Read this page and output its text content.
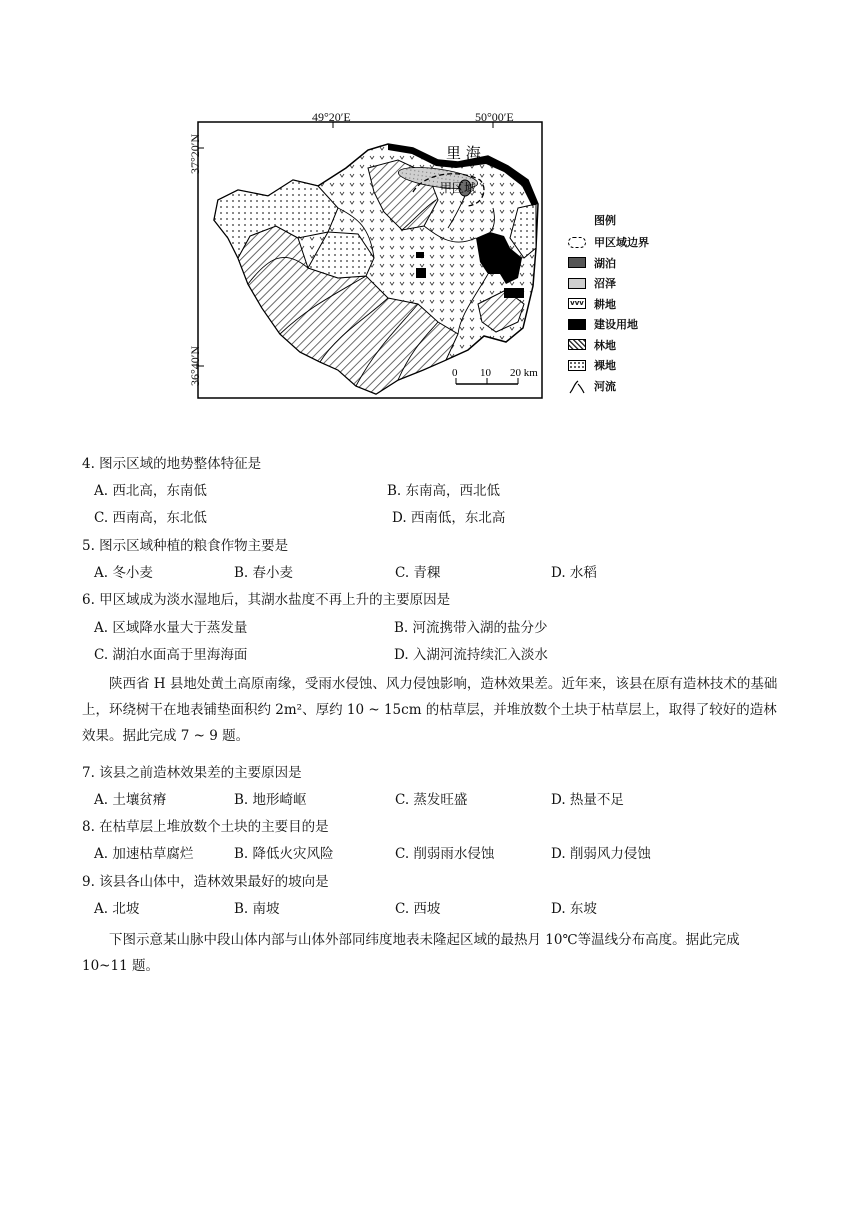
里 海
甲区域
0 10 20 km
49°20′E	50°00′E
37°20′N
36°40′N
图例
甲区域边界
湖泊
沼泽
vvv 耕地
建设用地
林地
裸地
河流
4. 图示区域的地势整体特征是
A. 西北高，东南低	B. 东南高，西北低
C. 西南高，东北低	D. 西南低，东北高
5. 图示区域种植的粮食作物主要是
A. 冬小麦	B. 春小麦	C. 青稞	D. 水稻
6. 甲区域成为淡水湿地后，其湖水盐度不再上升的主要原因是
A. 区域降水量大于蒸发量	B. 河流携带入湖的盐分少
C. 湖泊水面高于里海海面	D. 入湖河流持续汇入淡水
陕西省 H 县地处黄土高原南缘，受雨水侵蚀、风力侵蚀影响，造林效果差。近年来，该县在原有造林技术的基础上，环绕树干在地表铺垫面积约 2m²、厚约 10 ~ 15cm 的枯草层，并堆放数个土块于枯草层上，取得了较好的造林效果。据此完成 7 ~ 9 题。
7. 该县之前造林效果差的主要原因是
A. 土壤贫瘠	B. 地形崎岖	C. 蒸发旺盛	D. 热量不足
8. 在枯草层上堆放数个土块的主要目的是
A. 加速枯草腐烂	B. 降低火灾风险	C. 削弱雨水侵蚀	D. 削弱风力侵蚀
9. 该县各山体中，造林效果最好的坡向是
A. 北坡	B. 南坡	C. 西坡	D. 东坡
下图示意某山脉中段山体内部与山体外部同纬度地表未隆起区域的最热月 10℃等温线分布高度。据此完成 10~11 题。
